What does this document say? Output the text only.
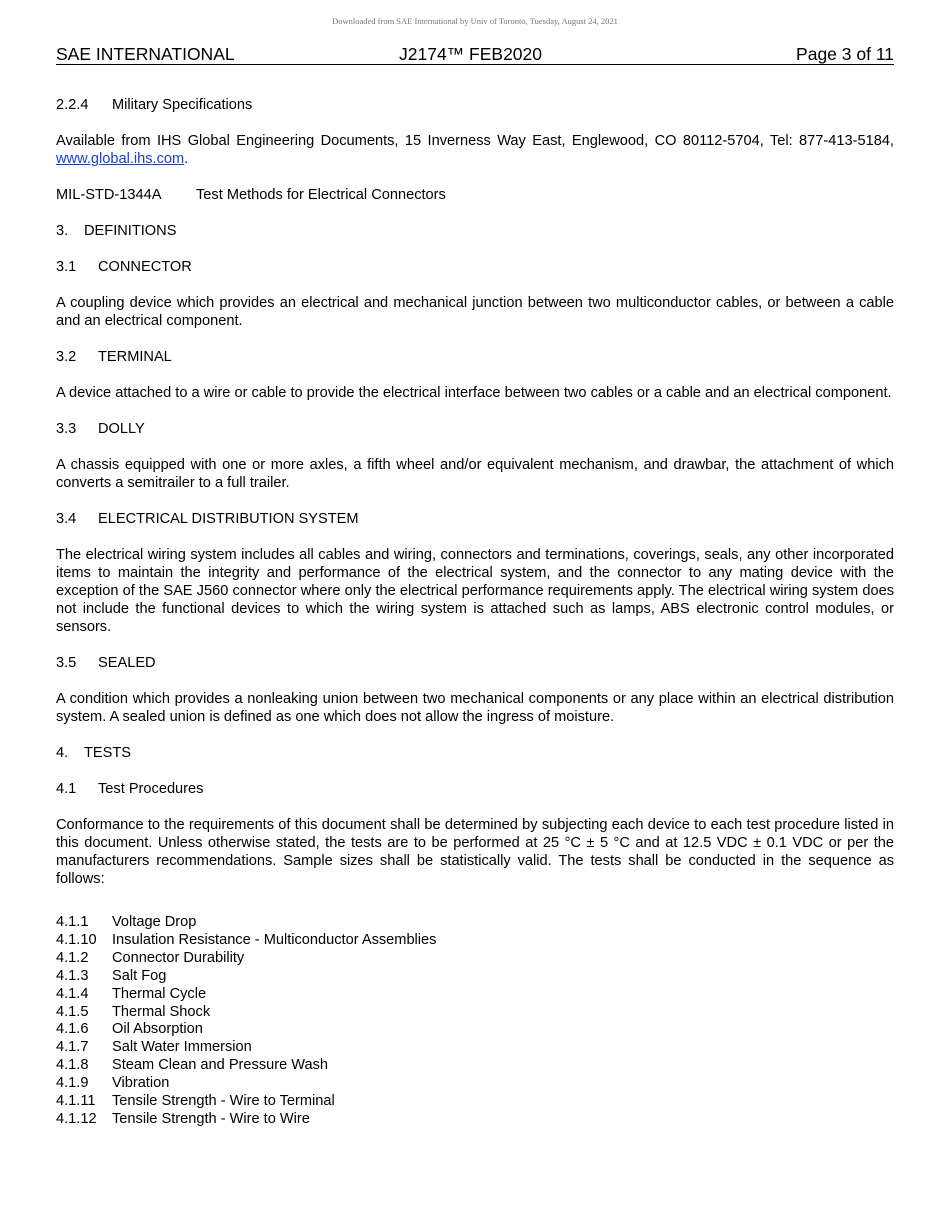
Downloaded from SAE International by Univ of Toronto, Tuesday, August 24, 2021
SAE INTERNATIONAL	J2174™ FEB2020	Page 3 of 11
2.2.4 Military Specifications

Available from IHS Global Engineering Documents, 15 Inverness Way East, Englewood, CO 80112-5704, Tel: 877-413-5184, www.global.ihs.com.

MIL-STD-1344A Test Methods for Electrical Connectors
3. DEFINITIONS
3.1 CONNECTOR

A coupling device which provides an electrical and mechanical junction between two multiconductor cables, or between a cable and an electrical component.

3.2 TERMINAL

A device attached to a wire or cable to provide the electrical interface between two cables or a cable and an electrical component.

3.3 DOLLY

A chassis equipped with one or more axles, a fifth wheel and/or equivalent mechanism, and drawbar, the attachment of which converts a semitrailer to a full trailer.

3.4 ELECTRICAL DISTRIBUTION SYSTEM

The electrical wiring system includes all cables and wiring, connectors and terminations, coverings, seals, any other incorporated items to maintain the integrity and performance of the electrical system, and the connector to any mating device with the exception of the SAE J560 connector where only the electrical performance requirements apply. The electrical wiring system does not include the functional devices to which the wiring system is attached such as lamps, ABS electronic control modules, or sensors.

3.5 SEALED

A condition which provides a nonleaking union between two mechanical components or any place within an electrical distribution system. A sealed union is defined as one which does not allow the ingress of moisture.

4. TESTS
4.1 Test Procedures

Conformance to the requirements of this document shall be determined by subjecting each device to each test procedure listed in this document. Unless otherwise stated, the tests are to be performed at 25 °C ± 5 °C and at 12.5 VDC ± 0.1 VDC or per the manufacturers recommendations. Sample sizes shall be statistically valid. The tests shall be conducted in the sequence as follows:

4.1.1 Voltage Drop
4.1.10 Insulation Resistance - Multiconductor Assemblies
4.1.2 Connector Durability
4.1.3 Salt Fog
4.1.4 Thermal Cycle
4.1.5 Thermal Shock
4.1.6 Oil Absorption
4.1.7 Salt Water Immersion
4.1.8 Steam Clean and Pressure Wash
4.1.9 Vibration
4.1.11 Tensile Strength - Wire to Terminal
4.1.12 Tensile Strength - Wire to Wire
